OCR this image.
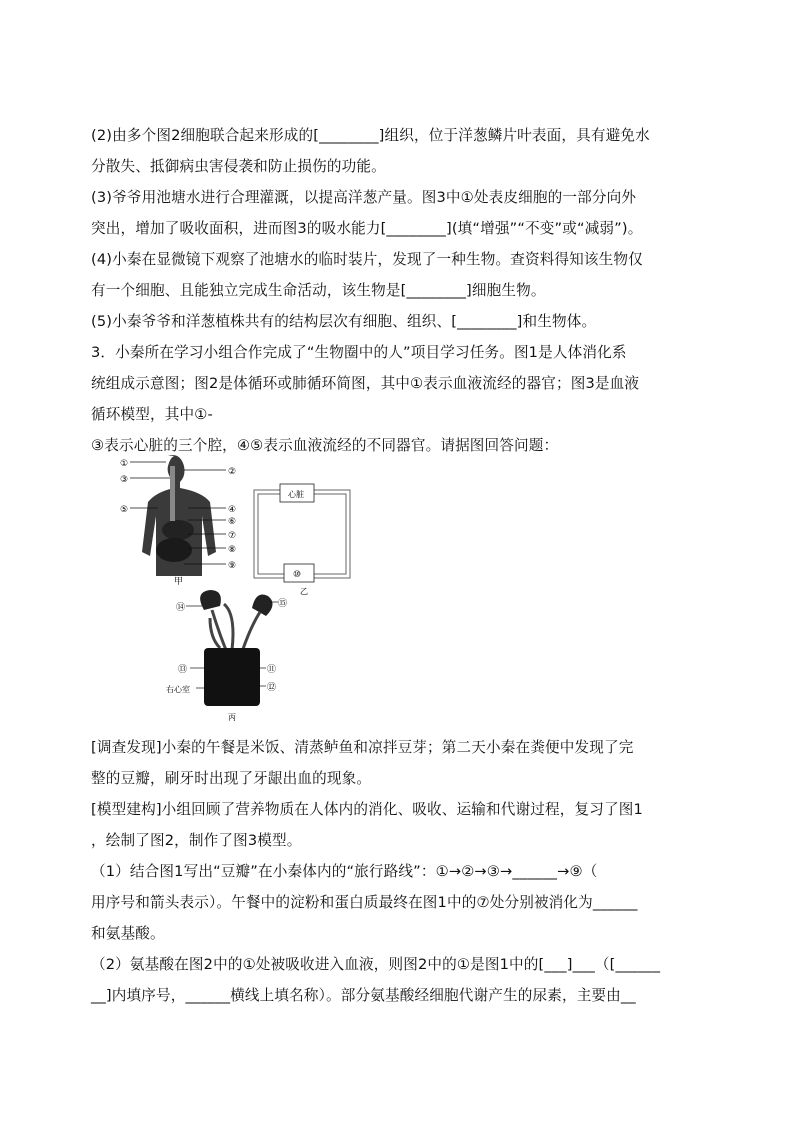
(2)由多个图2细胞联合起来形成的[________]组织，位于洋葱鳞片叶表面，具有避免水
分散失、抵御病虫害侵袭和防止损伤的功能。
(3)爷爷用池塘水进行合理灌溉，以提高洋葱产量。图3中①处表皮细胞的一部分向外
突出，增加了吸收面积，进而图3的吸水能力[________](填“增强”“不变”或“减弱”)。
(4)小秦在显微镜下观察了池塘水的临时装片，发现了一种生物。查资料得知该生物仅
有一个细胞、且能独立完成生命活动，该生物是[________]细胞生物。
(5)小秦爷爷和洋葱植株共有的结构层次有细胞、组织、[________]和生物体。
3．小秦所在学习小组合作完成了“生物圈中的人”项目学习任务。图1是人体消化系
统组成示意图；图2是体循环或肺循环简图，其中①表示血液流经的器官；图3是血液
循环模型，其中①-
③表示心脏的三个腔，④⑤表示血液流经的不同器官。请据图回答问题：
①
③
⑤
②
④
⑥
⑦
⑧
⑨
甲
心脏
⑩
乙
⑭
⑬
右心室
⑮
⑪
⑫
丙
[调查发现]小秦的午餐是米饭、清蒸鲈鱼和凉拌豆芽；第二天小秦在粪便中发现了完
整的豆瓣，刷牙时出现了牙龈出血的现象。
[模型建构]小组回顾了营养物质在人体内的消化、吸收、运输和代谢过程，复习了图1
，绘制了图2，制作了图3模型。
（1）结合图1写出“豆瓣”在小秦体内的“旅行路线”：①→②→③→______→⑨（
用序号和箭头表示）。午餐中的淀粉和蛋白质最终在图1中的⑦处分别被消化为______
和氨基酸。
（2）氨基酸在图2中的①处被吸收进入血液，则图2中的①是图1中的[___]___（[______
__]内填序号，______横线上填名称）。部分氨基酸经细胞代谢产生的尿素，主要由__
